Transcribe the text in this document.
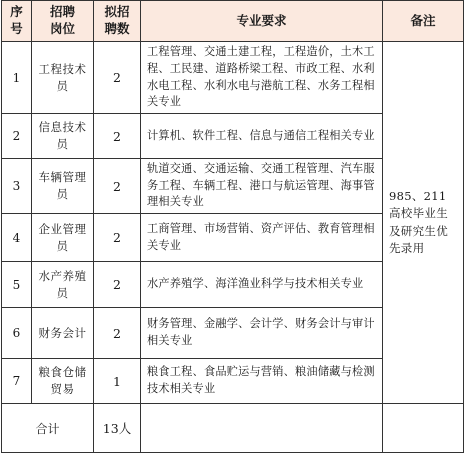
序号	招聘岗位	拟招聘数	专业要求	备注
1	工程技术员	2	工程管理、交通土建工程，工程造价，土木工程、工民建、道路桥梁工程、市政工程、水利水电工程、水利水电与港航工程、水务工程相关专业	985、211高校毕业生及研究生优先录用
2	信息技术员	2	计算机、软件工程、信息与通信工程相关专业	
3	车辆管理员	2	轨道交通、交通运输、交通工程管理、汽车服务工程、车辆工程、港口与航运管理、海事管理相关专业	
4	企业管理员	2	工商管理、市场营销、资产评估、教育管理相关专业	
5	水产养殖员	2	水产养殖学、海洋渔业科学与技术相关专业	
6	财务会计	2	财务管理、金融学、会计学、财务会计与审计相关专业	
7	粮食仓储贸易	1	粮食工程、食品贮运与营销、粮油储藏与检测技术相关专业	
合计		13人		
